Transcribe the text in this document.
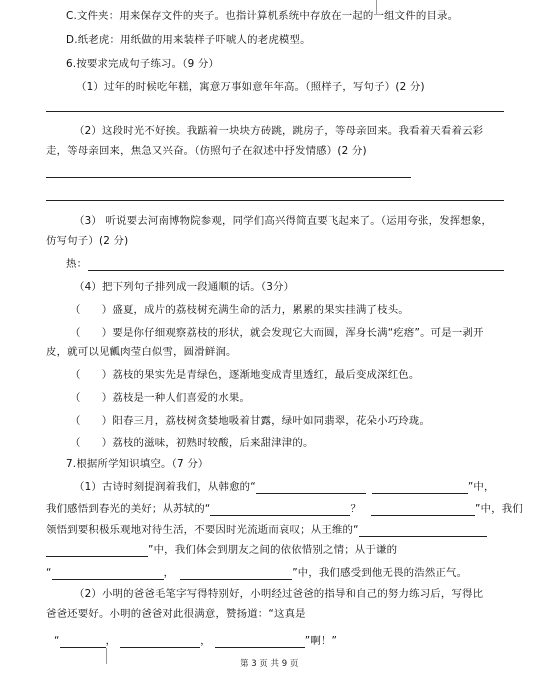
C.文件夹：用来保存文件的夹子。也指计算机系统中存放在一起的一组文件的目录。
D.纸老虎：用纸做的用来装样子吓唬人的老虎模型。
6.按要求完成句子练习。（9 分）
（1）过年的时候吃年糕，寓意万事如意年年高。（照样子，写句子）(2 分)
（2）这段时光不好挨。我踮着一块块方砖跳，跳房子，等母亲回来。我看着天看着云彩
走，等母亲回来，焦急又兴奋。（仿照句子在叙述中抒发情感）(2 分)
（3） 听说要去河南博物院参观，同学们高兴得简直要飞起来了。（运用夸张，发挥想象，
仿写句子）(2 分)
热：
（4）把下列句子排列成一段通顺的话。（3分）
（　　）盛夏，成片的荔枝树充满生命的活力，累累的果实挂满了枝头。
（　　）要是你仔细观察荔枝的形状，就会发现它大而圆，浑身长满“疙瘩”。可是一剥开
皮，就可以见瓤肉莹白似雪，圆滑鲜润。
（　　）荔枝的果实先是青绿色，逐渐地变成青里透红，最后变成深红色。
（　　）荔枝是一种人们喜爱的水果。
（　　）阳春三月，荔枝树贪婪地吸着甘露，绿叶如同翡翠，花朵小巧玲珑。
（　　）荔枝的滋味，初熟时较酸，后来甜津津的。
7.根据所学知识填空。（7 分）
（1）古诗时刻提润着我们，从韩愈的“	”中，
我们感悟到春光的美好；从苏轼的“	？	”中，我们
领悟到要积极乐观地对待生活，不要因时光流逝而哀叹；从王维的“
”中，我们体会到朋友之间的依依惜别之情；从于谦的
“	，	”中，我们感受到他无畏的浩然正气。
（2）小明的爸爸毛笔字写得特别好，小明经过爸爸的指导和自己的努力练习后，写得比
爸爸还要好。小明的爸爸对此很满意，赞扬道：“这真是
“	，	，	”啊！”
第 3 页 共 9 页
